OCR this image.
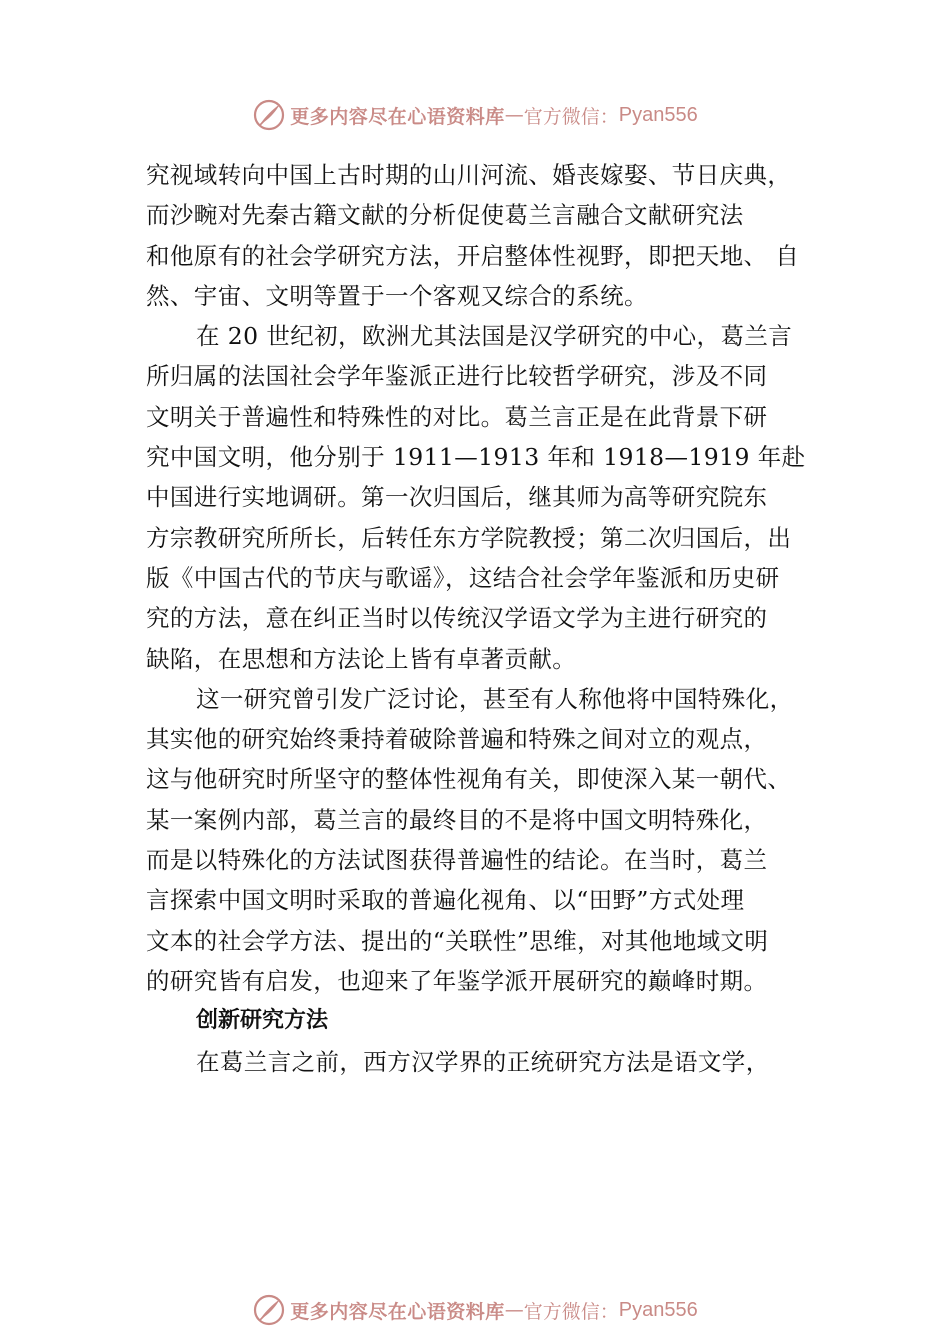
更多内容尽在心语资料库 — 官方微信： Pyan556
究视域转向中国上古时期的山川河流、婚丧嫁娶、节日庆典，
而沙畹对先秦古籍文献的分析促使葛兰言融合文献研究法
和他原有的社会学研究方法，开启整体性视野，即把天地、 自
然、宇宙、文明等置于一个客观又综合的系统。
在 20 世纪初，欧洲尤其法国是汉学研究的中心，葛兰言
所归属的法国社会学年鉴派正进行比较哲学研究，涉及不同
文明关于普遍性和特殊性的对比。葛兰言正是在此背景下研
究中国文明，他分别于 1911—1913 年和 1918—1919 年赴
中国进行实地调研。第一次归国后，继其师为高等研究院东
方宗教研究所所长，后转任东方学院教授；第二次归国后，出
版《中国古代的节庆与歌谣》，这结合社会学年鉴派和历史研
究的方法，意在纠正当时以传统汉学语文学为主进行研究的
缺陷，在思想和方法论上皆有卓著贡献。
这一研究曾引发广泛讨论，甚至有人称他将中国特殊化，
其实他的研究始终秉持着破除普遍和特殊之间对立的观点，
这与他研究时所坚守的整体性视角有关，即使深入某一朝代、
某一案例内部，葛兰言的最终目的不是将中国文明特殊化，
而是以特殊化的方法试图获得普遍性的结论。在当时，葛兰
言探索中国文明时采取的普遍化视角、以“田野”方式处理
文本的社会学方法、提出的“关联性”思维，对其他地域文明
的研究皆有启发，也迎来了年鉴学派开展研究的巅峰时期。
创新研究方法
在葛兰言之前，西方汉学界的正统研究方法是语文学，
更多内容尽在心语资料库 — 官方微信： Pyan556
